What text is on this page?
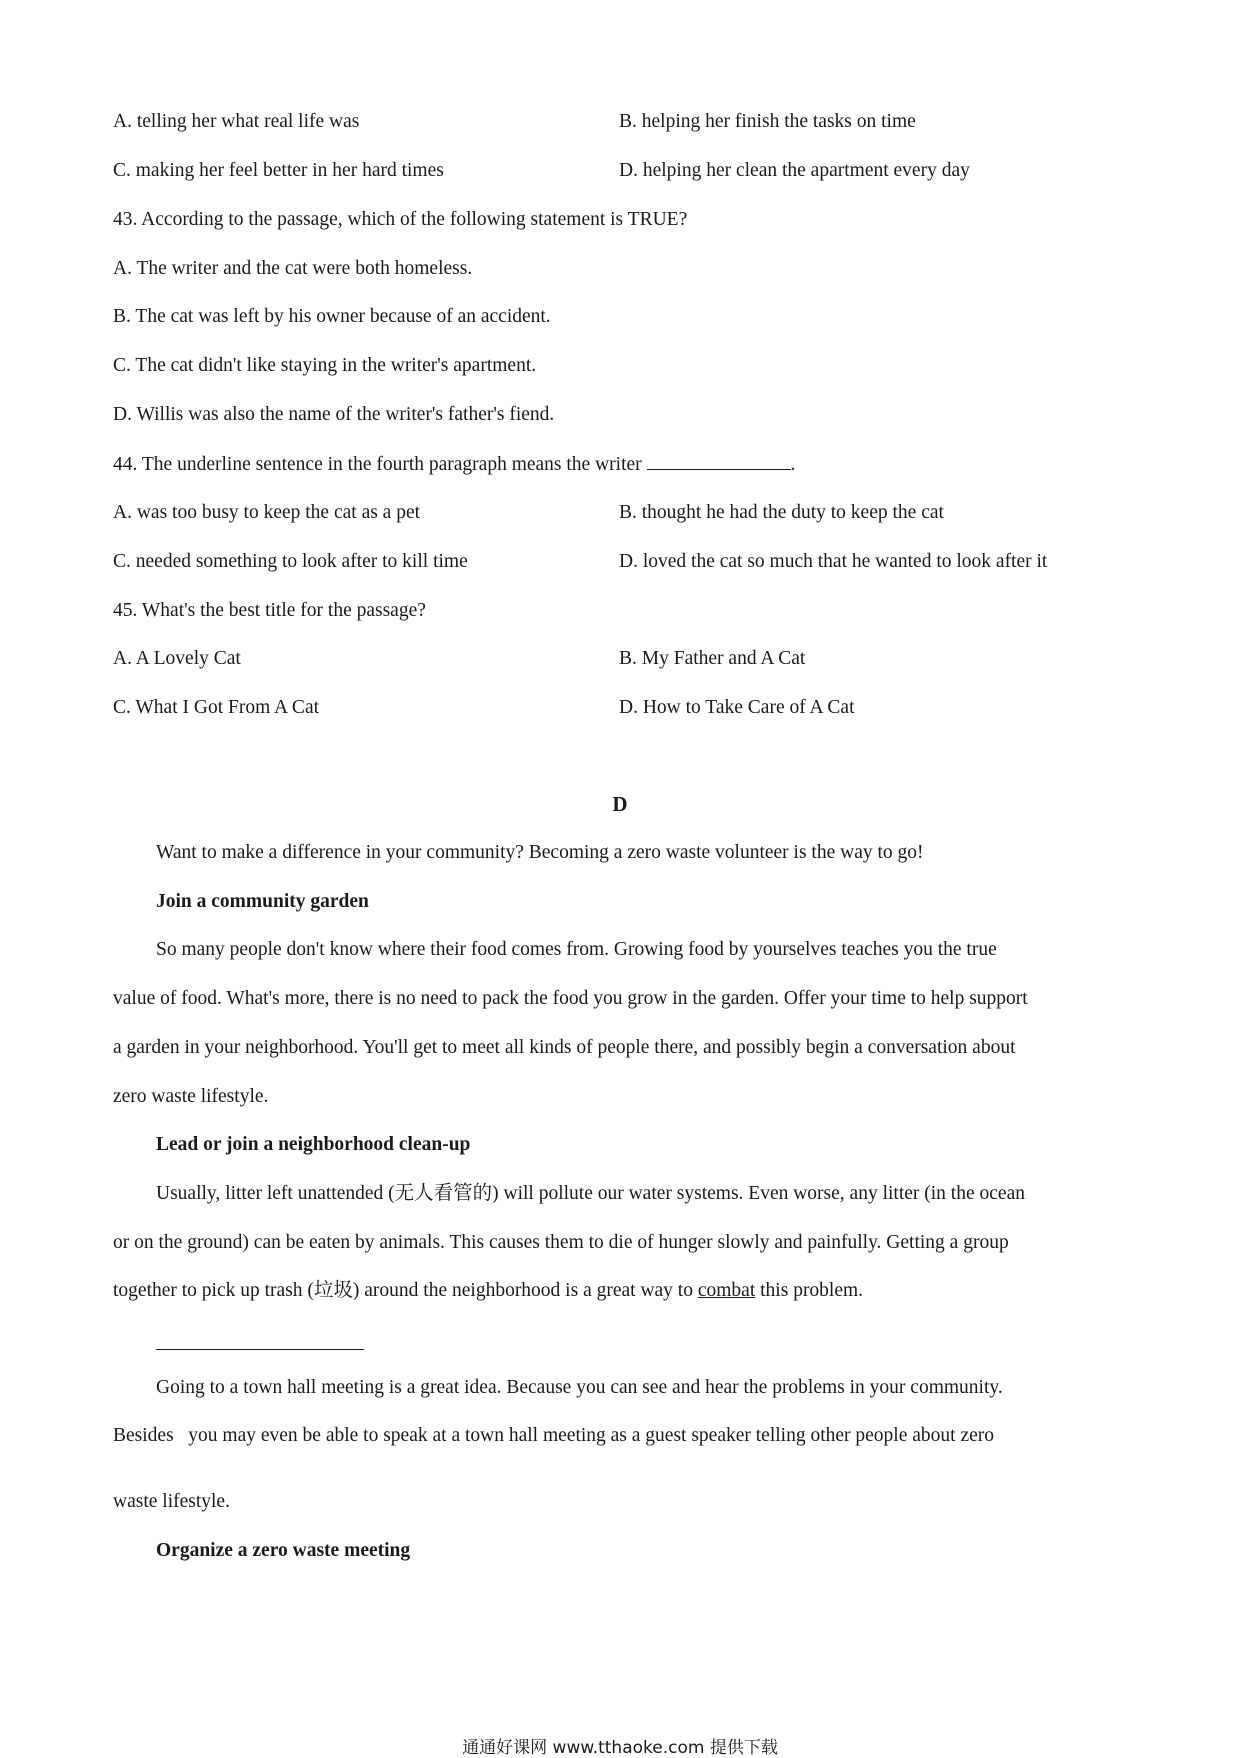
A. telling her what real life was	B. helping her finish the tasks on time
C. making her feel better in her hard times	D. helping her clean the apartment every day
43. According to the passage, which of the following statement is TRUE?
A. The writer and the cat were both homeless.
B. The cat was left by his owner because of an accident.
C. The cat didn't like staying in the writer's apartment.
D. Willis was also the name of the writer's father's fiend.
44. The underline sentence in the fourth paragraph means the writer	.
A. was too busy to keep the cat as a pet	B. thought he had the duty to keep the cat
C. needed something to look after to kill time	D. loved the cat so much that he wanted to look after it
45. What's the best title for the passage?
A. A Lovely Cat	B. My Father and A Cat
C. What I Got From A Cat	D. How to Take Care of A Cat
D
Want to make a difference in your community? Becoming a zero waste volunteer is the way to go!
Join a community garden
So many people don't know where their food comes from. Growing food by yourselves teaches you the true
value of food. What's more, there is no need to pack the food you grow in the garden. Offer your time to help support
a garden in your neighborhood. You'll get to meet all kinds of people there, and possibly begin a conversation about
zero waste lifestyle.
Lead or join a neighborhood clean-up
Usually, litter left unattended (无人看管的) will pollute our water systems. Even worse, any litter (in the ocean
or on the ground) can be eaten by animals. This causes them to die of hunger slowly and painfully. Getting a group
together to pick up trash (垃圾) around the neighborhood is a great way to combat this problem.
Going to a town hall meeting is a great idea. Because you can see and hear the problems in your community.
Besides   you may even be able to speak at a town hall meeting as a guest speaker telling other people about zero
waste lifestyle.
Organize a zero waste meeting
通通好课网 www.tthaoke.com 提供下载
